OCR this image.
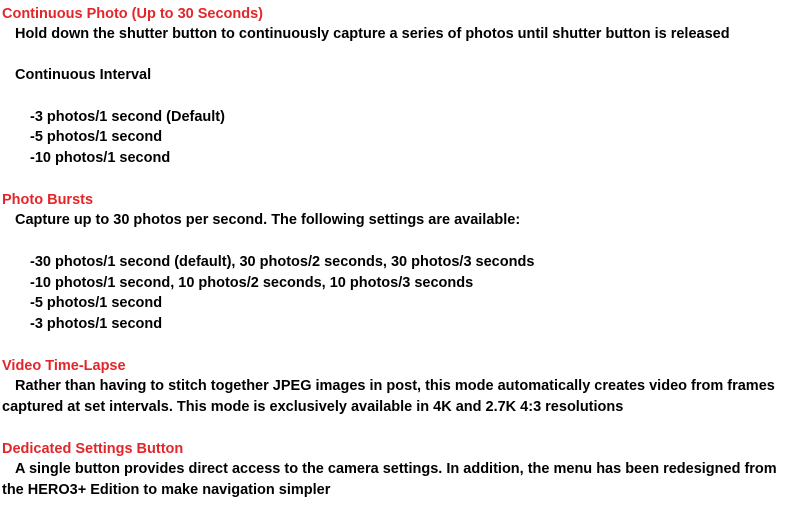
Continuous Photo (Up to 30 Seconds)
Hold down the shutter button to continuously capture a series of photos until shutter button is released
Continuous Interval
-3 photos/1 second (Default)
-5 photos/1 second
-10 photos/1 second
Photo Bursts
Capture up to 30 photos per second. The following settings are available:
-30 photos/1 second (default), 30 photos/2 seconds, 30 photos/3 seconds
-10 photos/1 second, 10 photos/2 seconds, 10 photos/3 seconds
-5 photos/1 second
-3 photos/1 second
Video Time-Lapse
Rather than having to stitch together JPEG images in post, this mode automatically creates video from frames
captured at set intervals. This mode is exclusively available in 4K and 2.7K 4:3 resolutions
Dedicated Settings Button
A single button provides direct access to the camera settings. In addition, the menu has been redesigned from
the HERO3+ Edition to make navigation simpler
